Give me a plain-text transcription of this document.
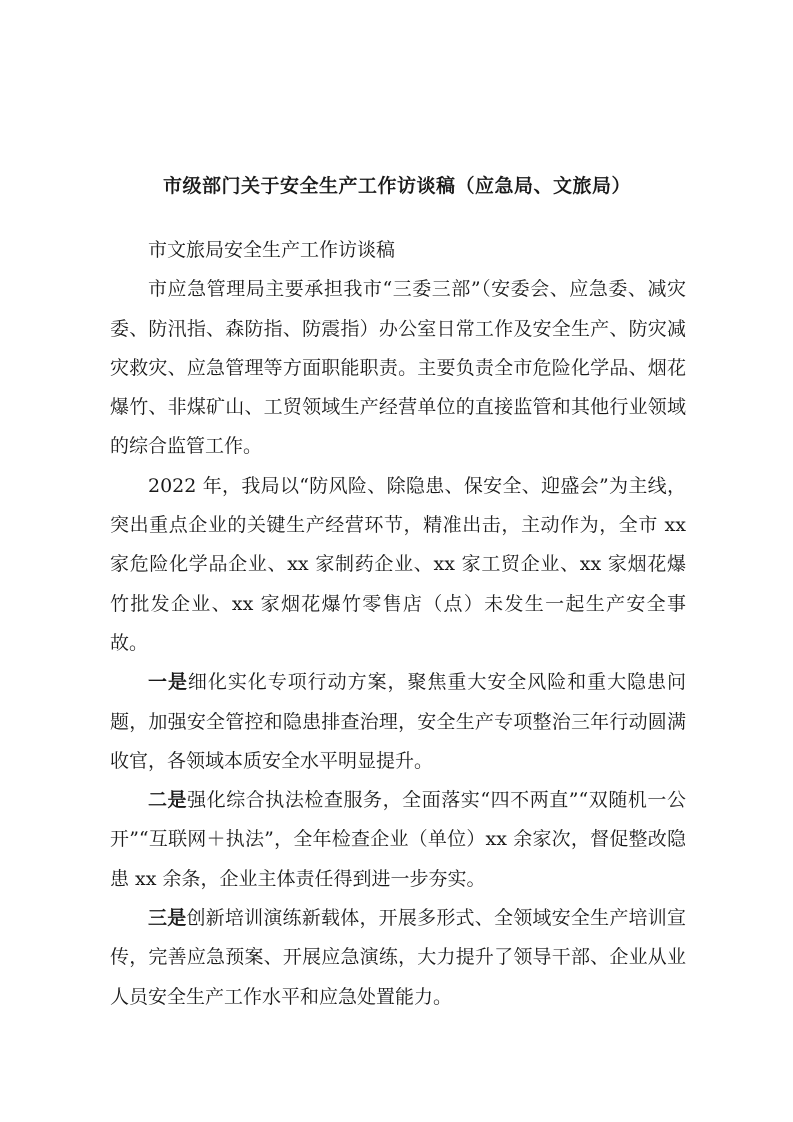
市级部门关于安全生产工作访谈稿（应急局、文旅局）

市文旅局安全生产工作访谈稿

市应急管理局主要承担我市“三委三部”（安委会、应急委、减灾委、防汛指、森防指、防震指）办公室日常工作及安全生产、防灾减灾救灾、应急管理等方面职能职责。主要负责全市危险化学品、烟花爆竹、非煤矿山、工贸领域生产经营单位的直接监管和其他行业领域的综合监管工作。

2022 年，我局以“防风险、除隐患、保安全、迎盛会”为主线，突出重点企业的关键生产经营环节，精准出击，主动作为，全市 xx 家危险化学品企业、xx 家制药企业、xx 家工贸企业、xx 家烟花爆竹批发企业、xx 家烟花爆竹零售店（点）未发生一起生产安全事故。

一是细化实化专项行动方案，聚焦重大安全风险和重大隐患问题，加强安全管控和隐患排查治理，安全生产专项整治三年行动圆满收官，各领域本质安全水平明显提升。

二是强化综合执法检查服务，全面落实“四不两直”“双随机一公开”“互联网＋执法”，全年检查企业（单位）xx 余家次，督促整改隐患 xx 余条，企业主体责任得到进一步夯实。

三是创新培训演练新载体，开展多形式、全领域安全生产培训宣传，完善应急预案、开展应急演练，大力提升了领导干部、企业从业人员安全生产工作水平和应急处置能力。
